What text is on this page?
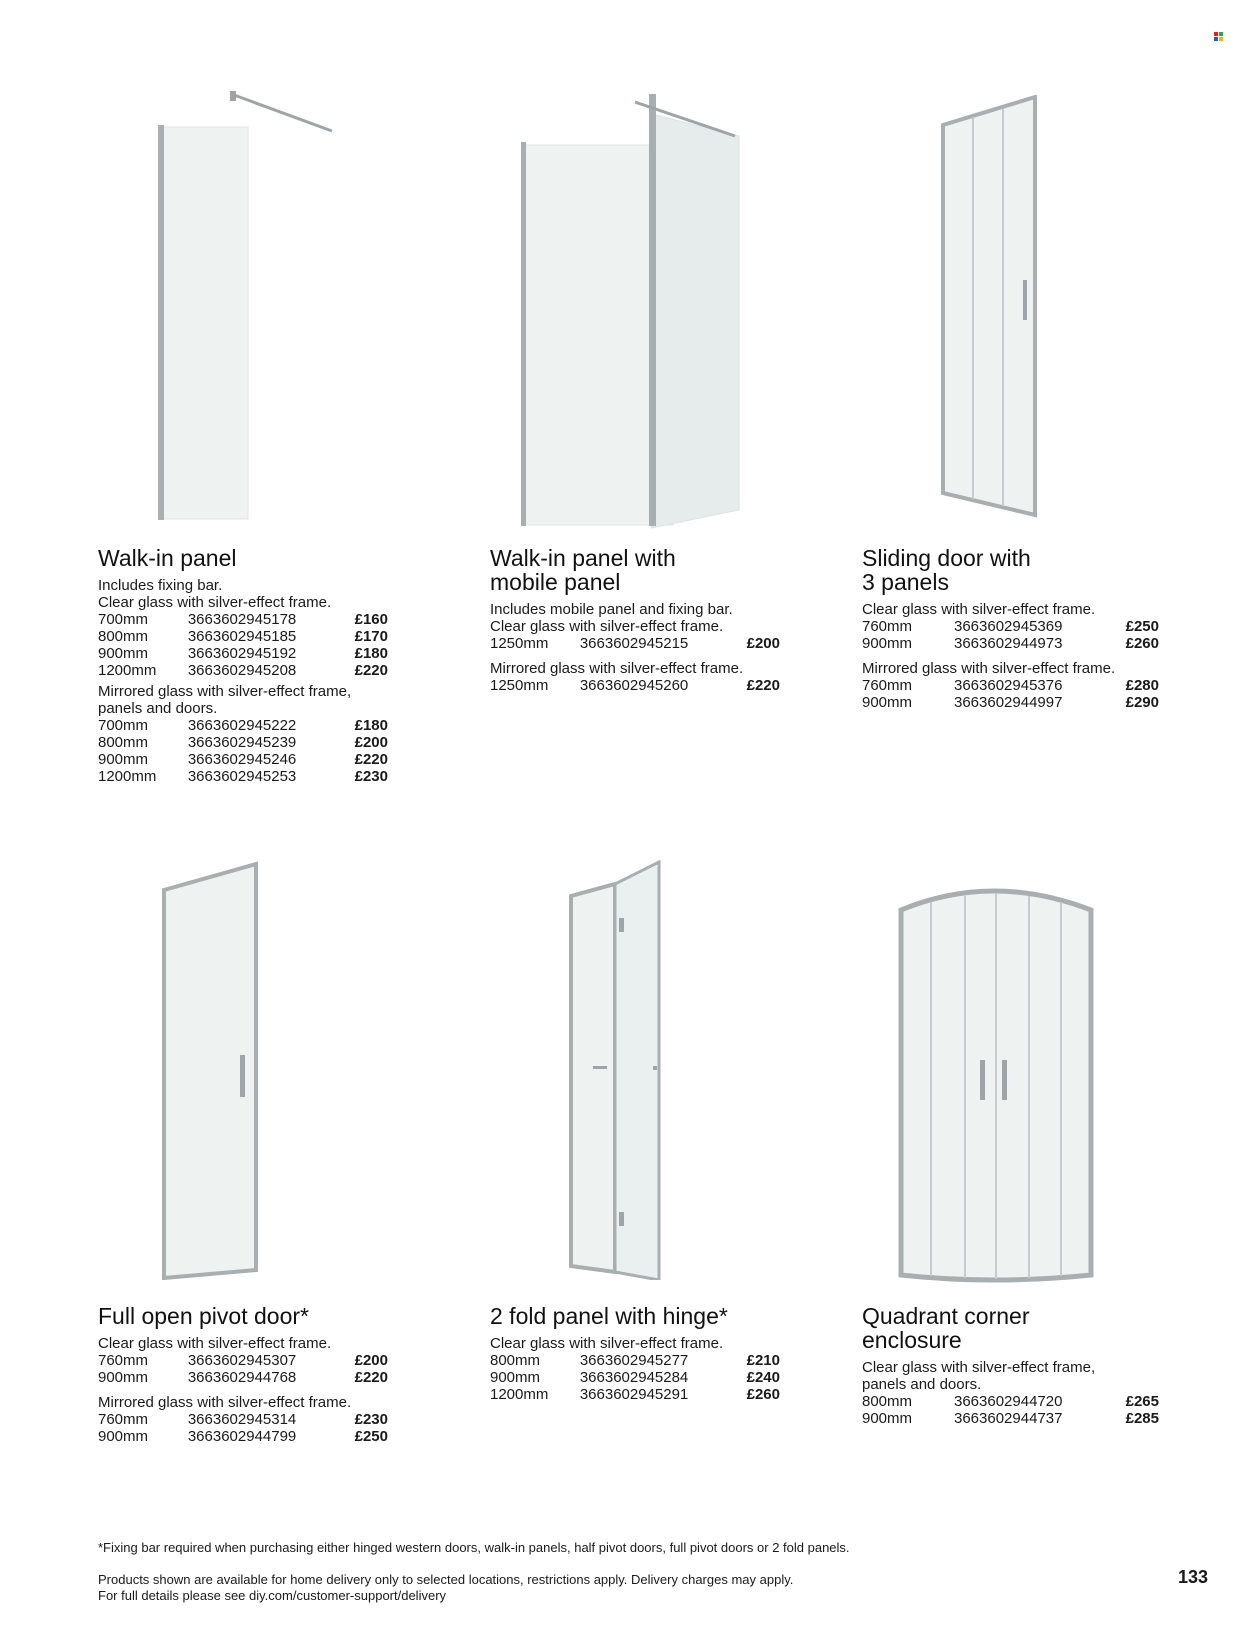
Walk-in panel
Includes fixing bar.
Clear glass with silver-effect frame.
700mm	3663602945178	£160
800mm	3663602945185	£170
900mm	3663602945192	£180
1200mm	3663602945208	£220
Mirrored glass with silver-effect frame,
panels and doors.
700mm	3663602945222	£180
800mm	3663602945239	£200
900mm	3663602945246	£220
1200mm	3663602945253	£230
Walk-in panel with
mobile panel
Includes mobile panel and fixing bar.
Clear glass with silver-effect frame.
1250mm	3663602945215	£200
Mirrored glass with silver-effect frame.
1250mm	3663602945260	£220
Sliding door with
3 panels
Clear glass with silver-effect frame.
760mm	3663602945369	£250
900mm	3663602944973	£260
Mirrored glass with silver-effect frame.
760mm	3663602945376	£280
900mm	3663602944997	£290
Full open pivot door*
Clear glass with silver-effect frame.
760mm	3663602945307	£200
900mm	3663602944768	£220
Mirrored glass with silver-effect frame.
760mm	3663602945314	£230
900mm	3663602944799	£250
2 fold panel with hinge*
Clear glass with silver-effect frame.
800mm	3663602945277	£210
900mm	3663602945284	£240
1200mm	3663602945291	£260
Quadrant corner
enclosure
Clear glass with silver-effect frame,
panels and doors.
800mm	3663602944720	£265
900mm	3663602944737	£285
*Fixing bar required when purchasing either hinged western doors, walk-in panels, half pivot doors, full pivot doors or 2 fold panels.
Products shown are available for home delivery only to selected locations, restrictions apply. Delivery charges may apply.
For full details please see diy.com/customer-support/delivery
133
